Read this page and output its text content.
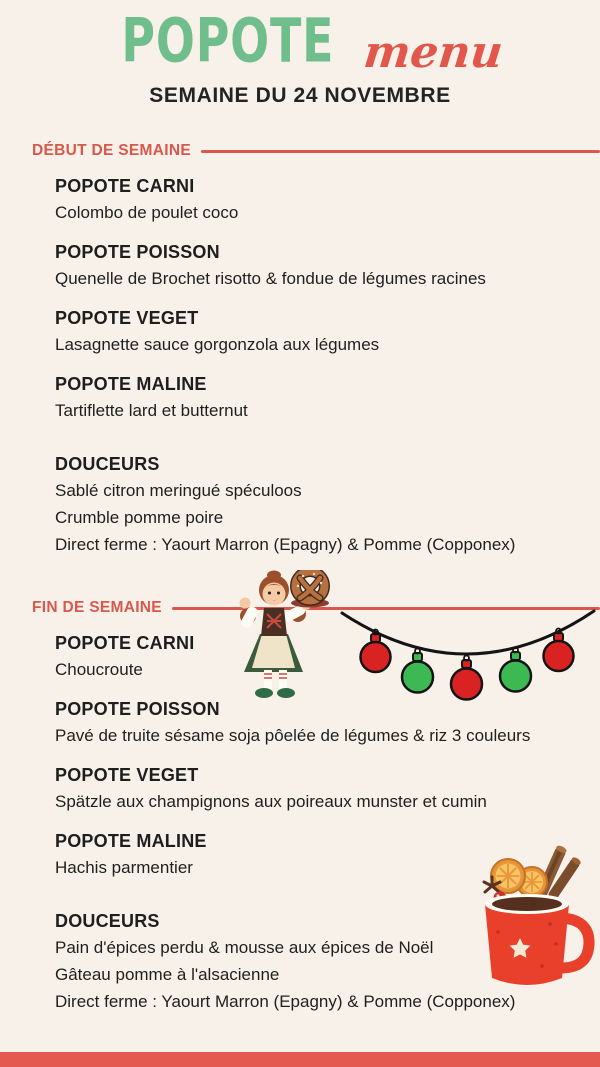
POPOTE menu
SEMAINE DU 24 NOVEMBRE
DÉBUT DE SEMAINE
POPOTE CARNI
Colombo de poulet coco
POPOTE POISSON
Quenelle de Brochet risotto & fondue de légumes racines
POPOTE VEGET
Lasagnette sauce gorgonzola aux légumes
POPOTE MALINE
Tartiflette lard et butternut
DOUCEURS
Sablé citron meringué spéculoos
Crumble pomme poire
Direct ferme : Yaourt Marron (Epagny) & Pomme (Copponex)
FIN DE SEMAINE
POPOTE CARNI
Choucroute
POPOTE POISSON
Pavé de truite sésame soja pôelée de légumes & riz 3 couleurs
POPOTE VEGET
Spätzle aux champignons aux poireaux munster et cumin
POPOTE MALINE
Hachis parmentier
DOUCEURS
Pain d'épices perdu & mousse aux épices de Noël
Gâteau pomme à l'alsacienne
Direct ferme : Yaourt Marron (Epagny) & Pomme (Copponex)
